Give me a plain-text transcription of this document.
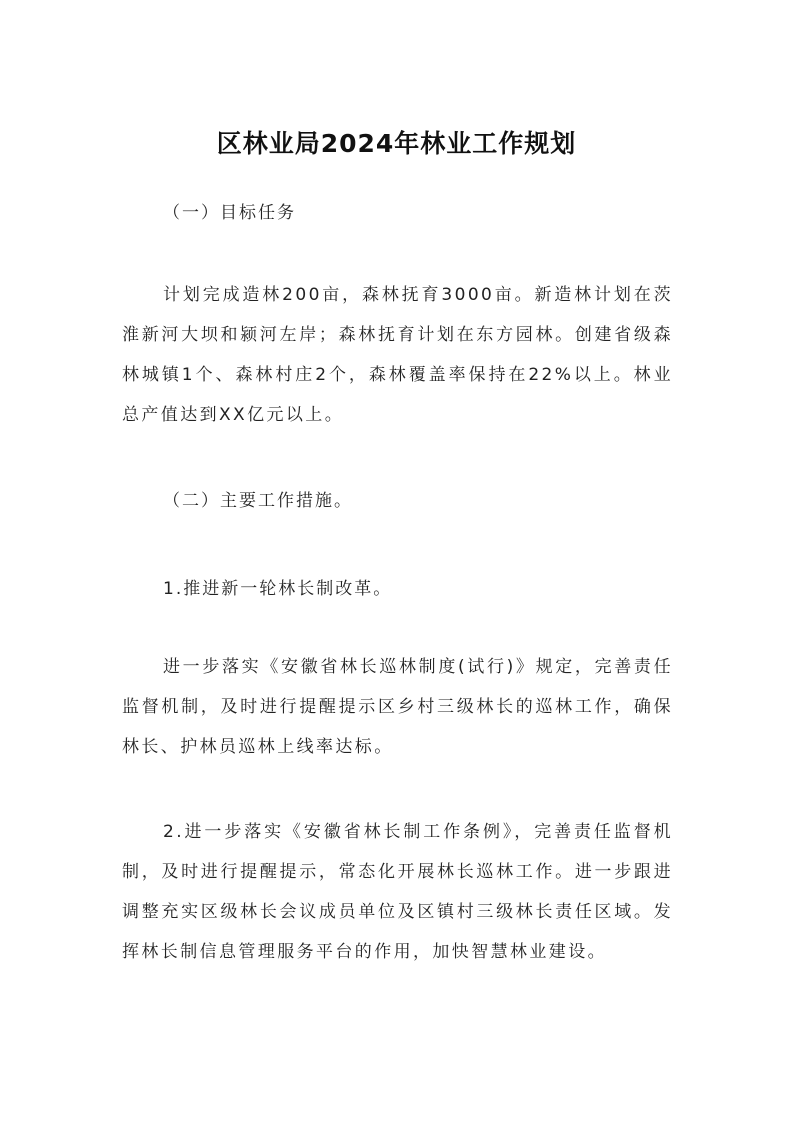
区林业局2024年林业工作规划
（一）目标任务
计划完成造林200亩，森林抚育3000亩。新造林计划在茨淮新河大坝和颍河左岸；森林抚育计划在东方园林。创建省级森林城镇1个、森林村庄2个，森林覆盖率保持在22%以上。林业总产值达到XX亿元以上。
（二）主要工作措施。
1.推进新一轮林长制改革。
进一步落实《安徽省林长巡林制度(试行)》规定，完善责任监督机制，及时进行提醒提示区乡村三级林长的巡林工作，确保林长、护林员巡林上线率达标。
2.进一步落实《安徽省林长制工作条例》，完善责任监督机制，及时进行提醒提示，常态化开展林长巡林工作。进一步跟进调整充实区级林长会议成员单位及区镇村三级林长责任区域。发挥林长制信息管理服务平台的作用，加快智慧林业建设。
